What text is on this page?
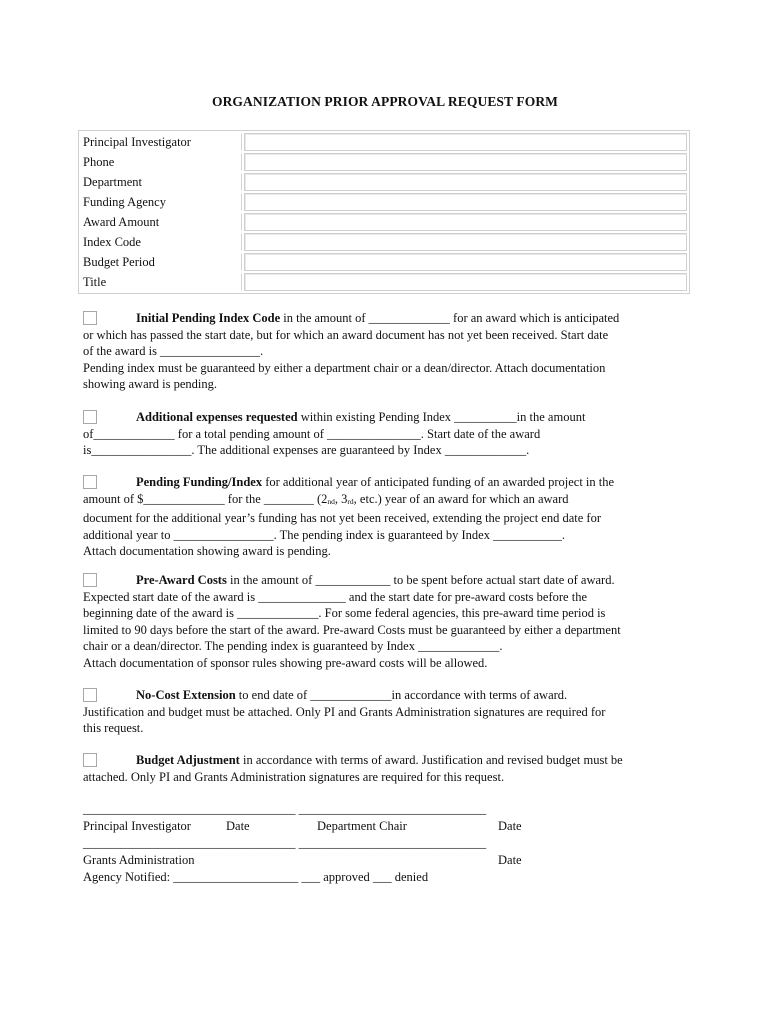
ORGANIZATION PRIOR APPROVAL REQUEST FORM
Principal Investigator	
Phone	
Department	
Funding Agency	
Award Amount	
Index Code	
Budget Period	
Title	
Initial Pending Index Code in the amount of _____________ for an award which is anticipated
or which has passed the start date, but for which an award document has not yet been received. Start date
of the award is ________________.
Pending index must be guaranteed by either a department chair or a dean/director. Attach documentation
showing award is pending.
Additional expenses requested within existing Pending Index __________in the amount
of_____________ for a total pending amount of _______________. Start date of the award
is________________. The additional expenses are guaranteed by Index _____________.
Pending Funding/Index for additional year of anticipated funding of an awarded project in the
amount of $_____________ for the ________ ($2_{nd}$, $3_{rd}$, etc.) year of an award for which an award
document for the additional year’s funding has not yet been received, extending the project end date for
additional year to ________________. The pending index is guaranteed by Index ___________.
Attach documentation showing award is pending.
Pre-Award Costs in the amount of ____________ to be spent before actual start date of award.
Expected start date of the award is ______________ and the start date for pre-award costs before the
beginning date of the award is _____________. For some federal agencies, this pre-award time period is
limited to 90 days before the start of the award. Pre-award Costs must be guaranteed by either a department
chair or a dean/director. The pending index is guaranteed by Index _____________.
Attach documentation of sponsor rules showing pre-award costs will be allowed.
No-Cost Extension to end date of _____________in accordance with terms of award.
Justification and budget must be attached. Only PI and Grants Administration signatures are required for
this request.
Budget Adjustment in accordance with terms of award. Justification and revised budget must be
attached. Only PI and Grants Administration signatures are required for this request.
__________________________________ ______________________________
Principal Investigator	Date	Department Chair	Date
__________________________________ ______________________________
Grants Administration	Date
Agency Notified: ____________________ ___ approved ___ denied
